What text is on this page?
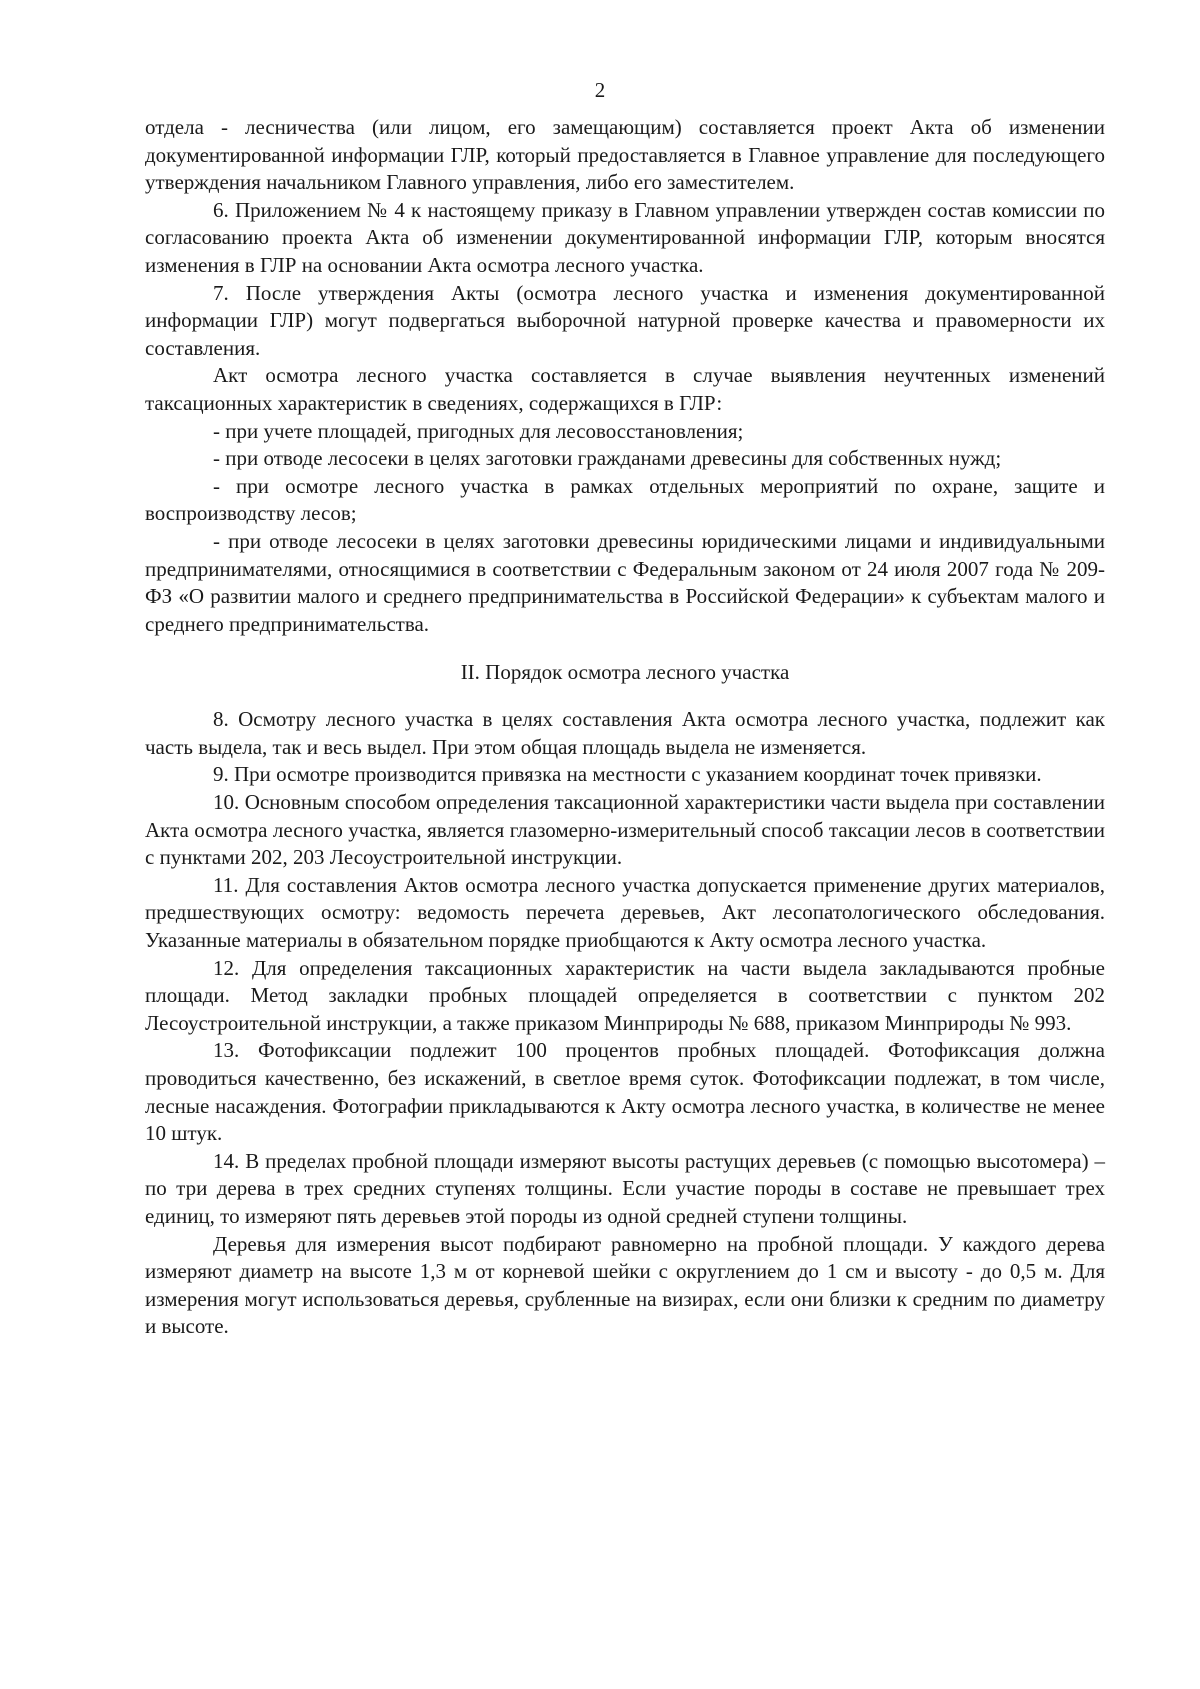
2

отдела - лесничества (или лицом, его замещающим) составляется проект Акта об изменении документированной информации ГЛР, который предоставляется в Главное управление для последующего утверждения начальником Главного управления, либо его заместителем.

6. Приложением № 4 к настоящему приказу в Главном управлении утвержден состав комиссии по согласованию проекта Акта об изменении документированной информации ГЛР, которым вносятся изменения в ГЛР на основании Акта осмотра лесного участка.

7. После утверждения Акты (осмотра лесного участка и изменения документированной информации ГЛР) могут подвергаться выборочной натурной проверке качества и правомерности их составления.

Акт осмотра лесного участка составляется в случае выявления неучтенных изменений таксационных характеристик в сведениях, содержащихся в ГЛР:

- при учете площадей, пригодных для лесовосстановления;

- при отводе лесосеки в целях заготовки гражданами древесины для собственных нужд;

- при осмотре лесного участка в рамках отдельных мероприятий по охране, защите и воспроизводству лесов;

- при отводе лесосеки в целях заготовки древесины юридическими лицами и индивидуальными предпринимателями, относящимися в соответствии с Федеральным законом от 24 июля 2007 года № 209-ФЗ «О развитии малого и среднего предпринимательства в Российской Федерации» к субъектам малого и среднего предпринимательства.

II. Порядок осмотра лесного участка

8. Осмотру лесного участка в целях составления Акта осмотра лесного участка, подлежит как часть выдела, так и весь выдел. При этом общая площадь выдела не изменяется.

9. При осмотре производится привязка на местности с указанием координат точек привязки.

10. Основным способом определения таксационной характеристики части выдела при составлении Акта осмотра лесного участка, является глазомерно-измерительный способ таксации лесов в соответствии с пунктами 202, 203 Лесоустроительной инструкции.

11. Для составления Актов осмотра лесного участка допускается применение других материалов, предшествующих осмотру: ведомость перечета деревьев, Акт лесопатологического обследования. Указанные материалы в обязательном порядке приобщаются к Акту осмотра лесного участка.

12. Для определения таксационных характеристик на части выдела закладываются пробные площади. Метод закладки пробных площадей определяется в соответствии с пунктом 202 Лесоустроительной инструкции, а также приказом Минприроды № 688, приказом Минприроды № 993.

13. Фотофиксации подлежит 100 процентов пробных площадей. Фотофиксация должна проводиться качественно, без искажений, в светлое время суток. Фотофиксации подлежат, в том числе, лесные насаждения. Фотографии прикладываются к Акту осмотра лесного участка, в количестве не менее 10 штук.

14. В пределах пробной площади измеряют высоты растущих деревьев (с помощью высотомера) – по три дерева в трех средних ступенях толщины. Если участие породы в составе не превышает трех единиц, то измеряют пять деревьев этой породы из одной средней ступени толщины.

Деревья для измерения высот подбирают равномерно на пробной площади. У каждого дерева измеряют диаметр на высоте 1,3 м от корневой шейки с округлением до 1 см и высоту - до 0,5 м. Для измерения могут использоваться деревья, срубленные на визирах, если они близки к средним по диаметру и высоте.
